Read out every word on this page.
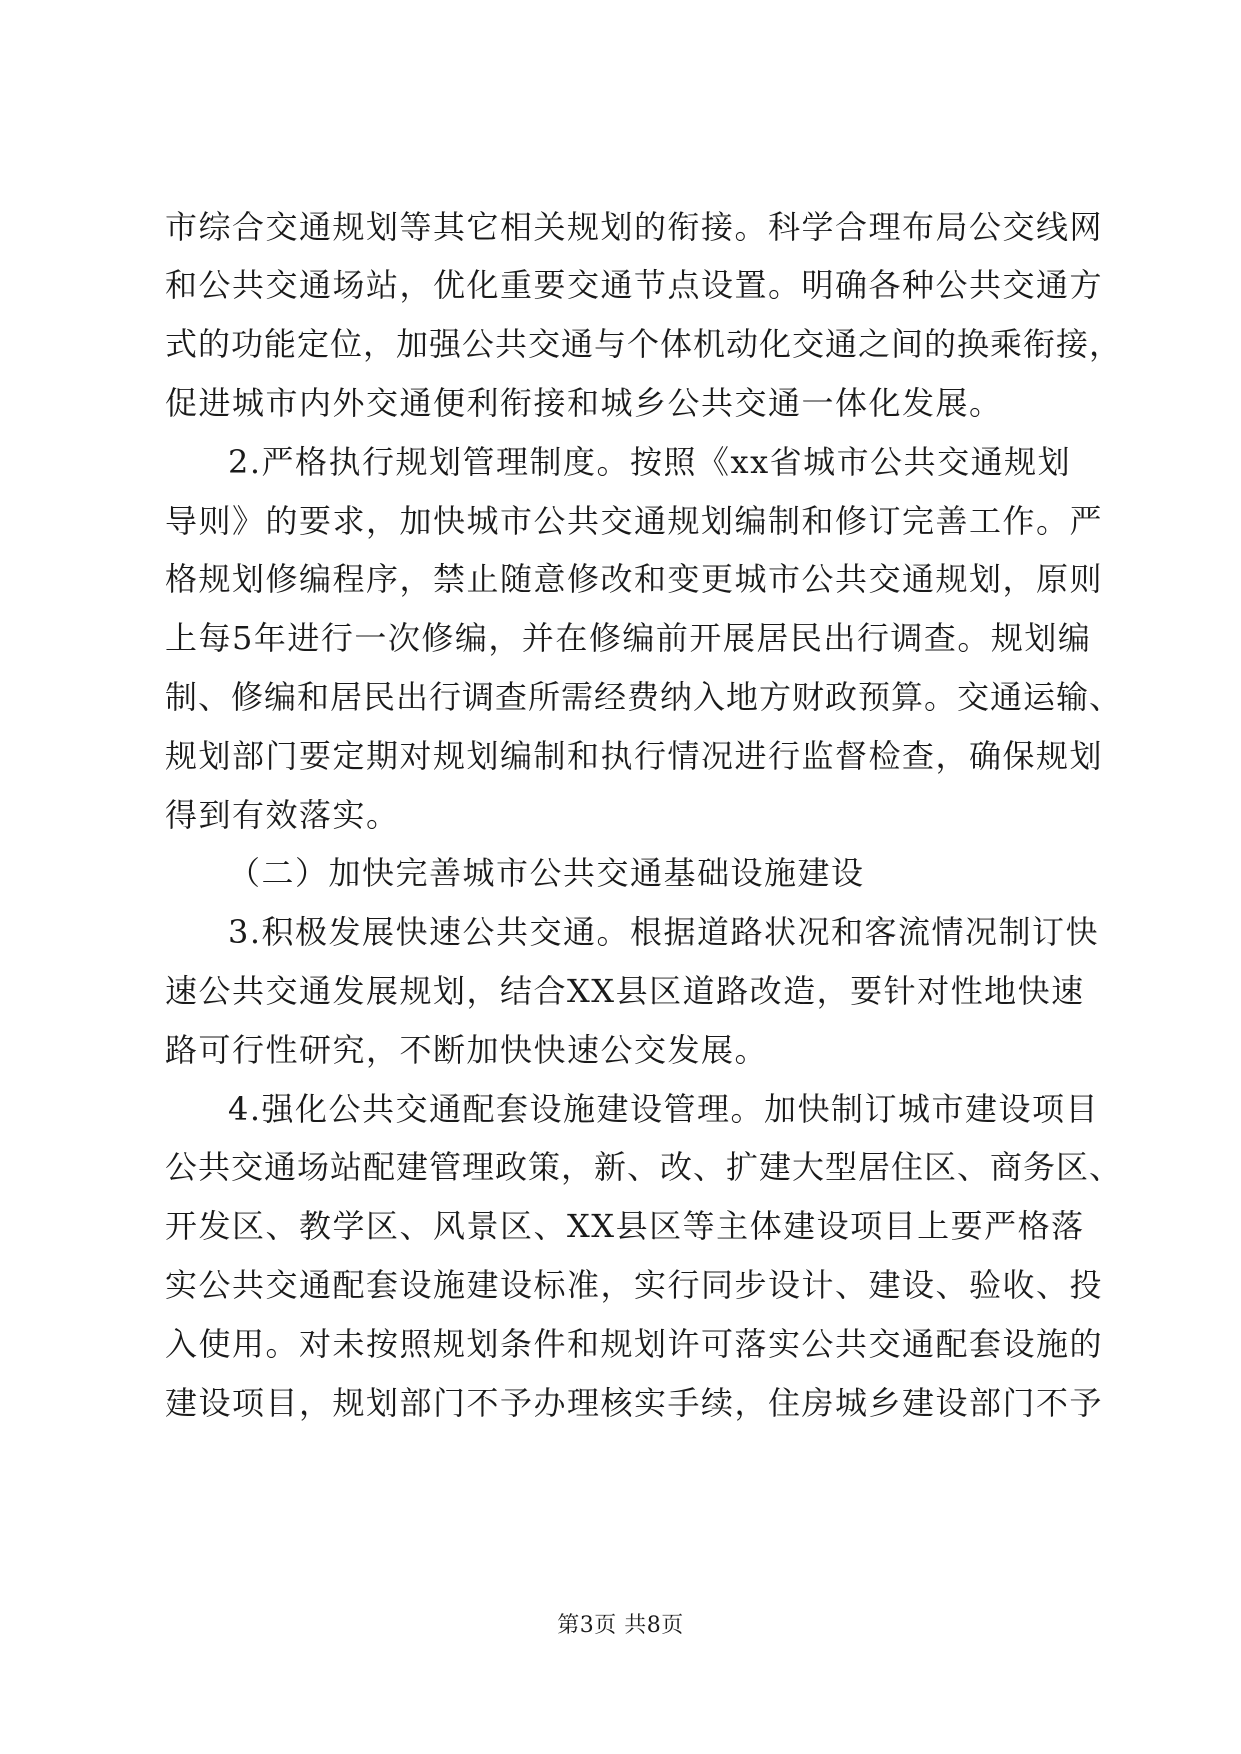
市综合交通规划等其它相关规划的衔接。科学合理布局公交线网
和公共交通场站，优化重要交通节点设置。明确各种公共交通方
式的功能定位，加强公共交通与个体机动化交通之间的换乘衔接，
促进城市内外交通便利衔接和城乡公共交通一体化发展。
2.严格执行规划管理制度。按照《xx省城市公共交通规划
导则》的要求，加快城市公共交通规划编制和修订完善工作。严
格规划修编程序，禁止随意修改和变更城市公共交通规划，原则
上每5年进行一次修编，并在修编前开展居民出行调查。规划编
制、修编和居民出行调查所需经费纳入地方财政预算。交通运输、
规划部门要定期对规划编制和执行情况进行监督检查，确保规划
得到有效落实。
（二）加快完善城市公共交通基础设施建设
3.积极发展快速公共交通。根据道路状况和客流情况制订快
速公共交通发展规划，结合XX县区道路改造，要针对性地快速
路可行性研究，不断加快快速公交发展。
4.强化公共交通配套设施建设管理。加快制订城市建设项目
公共交通场站配建管理政策，新、改、扩建大型居住区、商务区、
开发区、教学区、风景区、XX县区等主体建设项目上要严格落
实公共交通配套设施建设标准，实行同步设计、建设、验收、投
入使用。对未按照规划条件和规划许可落实公共交通配套设施的
建设项目，规划部门不予办理核实手续，住房城乡建设部门不予
第3页 共8页
